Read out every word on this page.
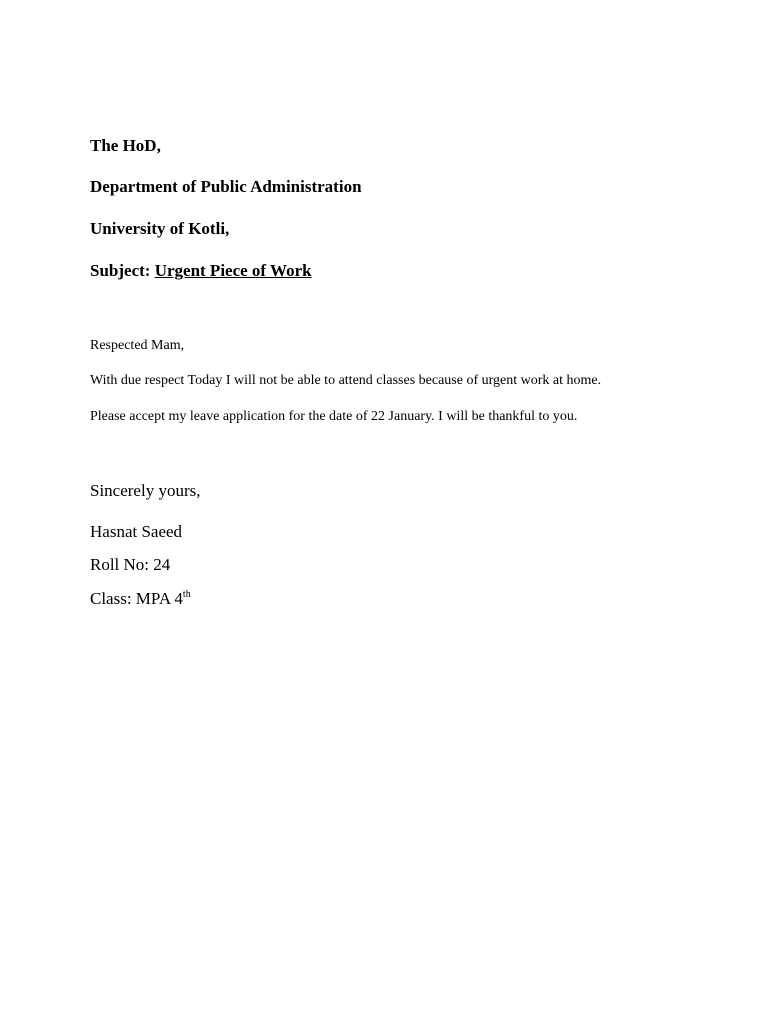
The HoD,
Department of Public Administration
University of Kotli,
Subject: Urgent Piece of Work
Respected Mam,
With due respect Today I will not be able to attend classes because of urgent work at home.
Please accept my leave application for the date of 22 January. I will be thankful to you.
Sincerely yours,
Hasnat Saeed
Roll No: 24
Class: MPA 4th
